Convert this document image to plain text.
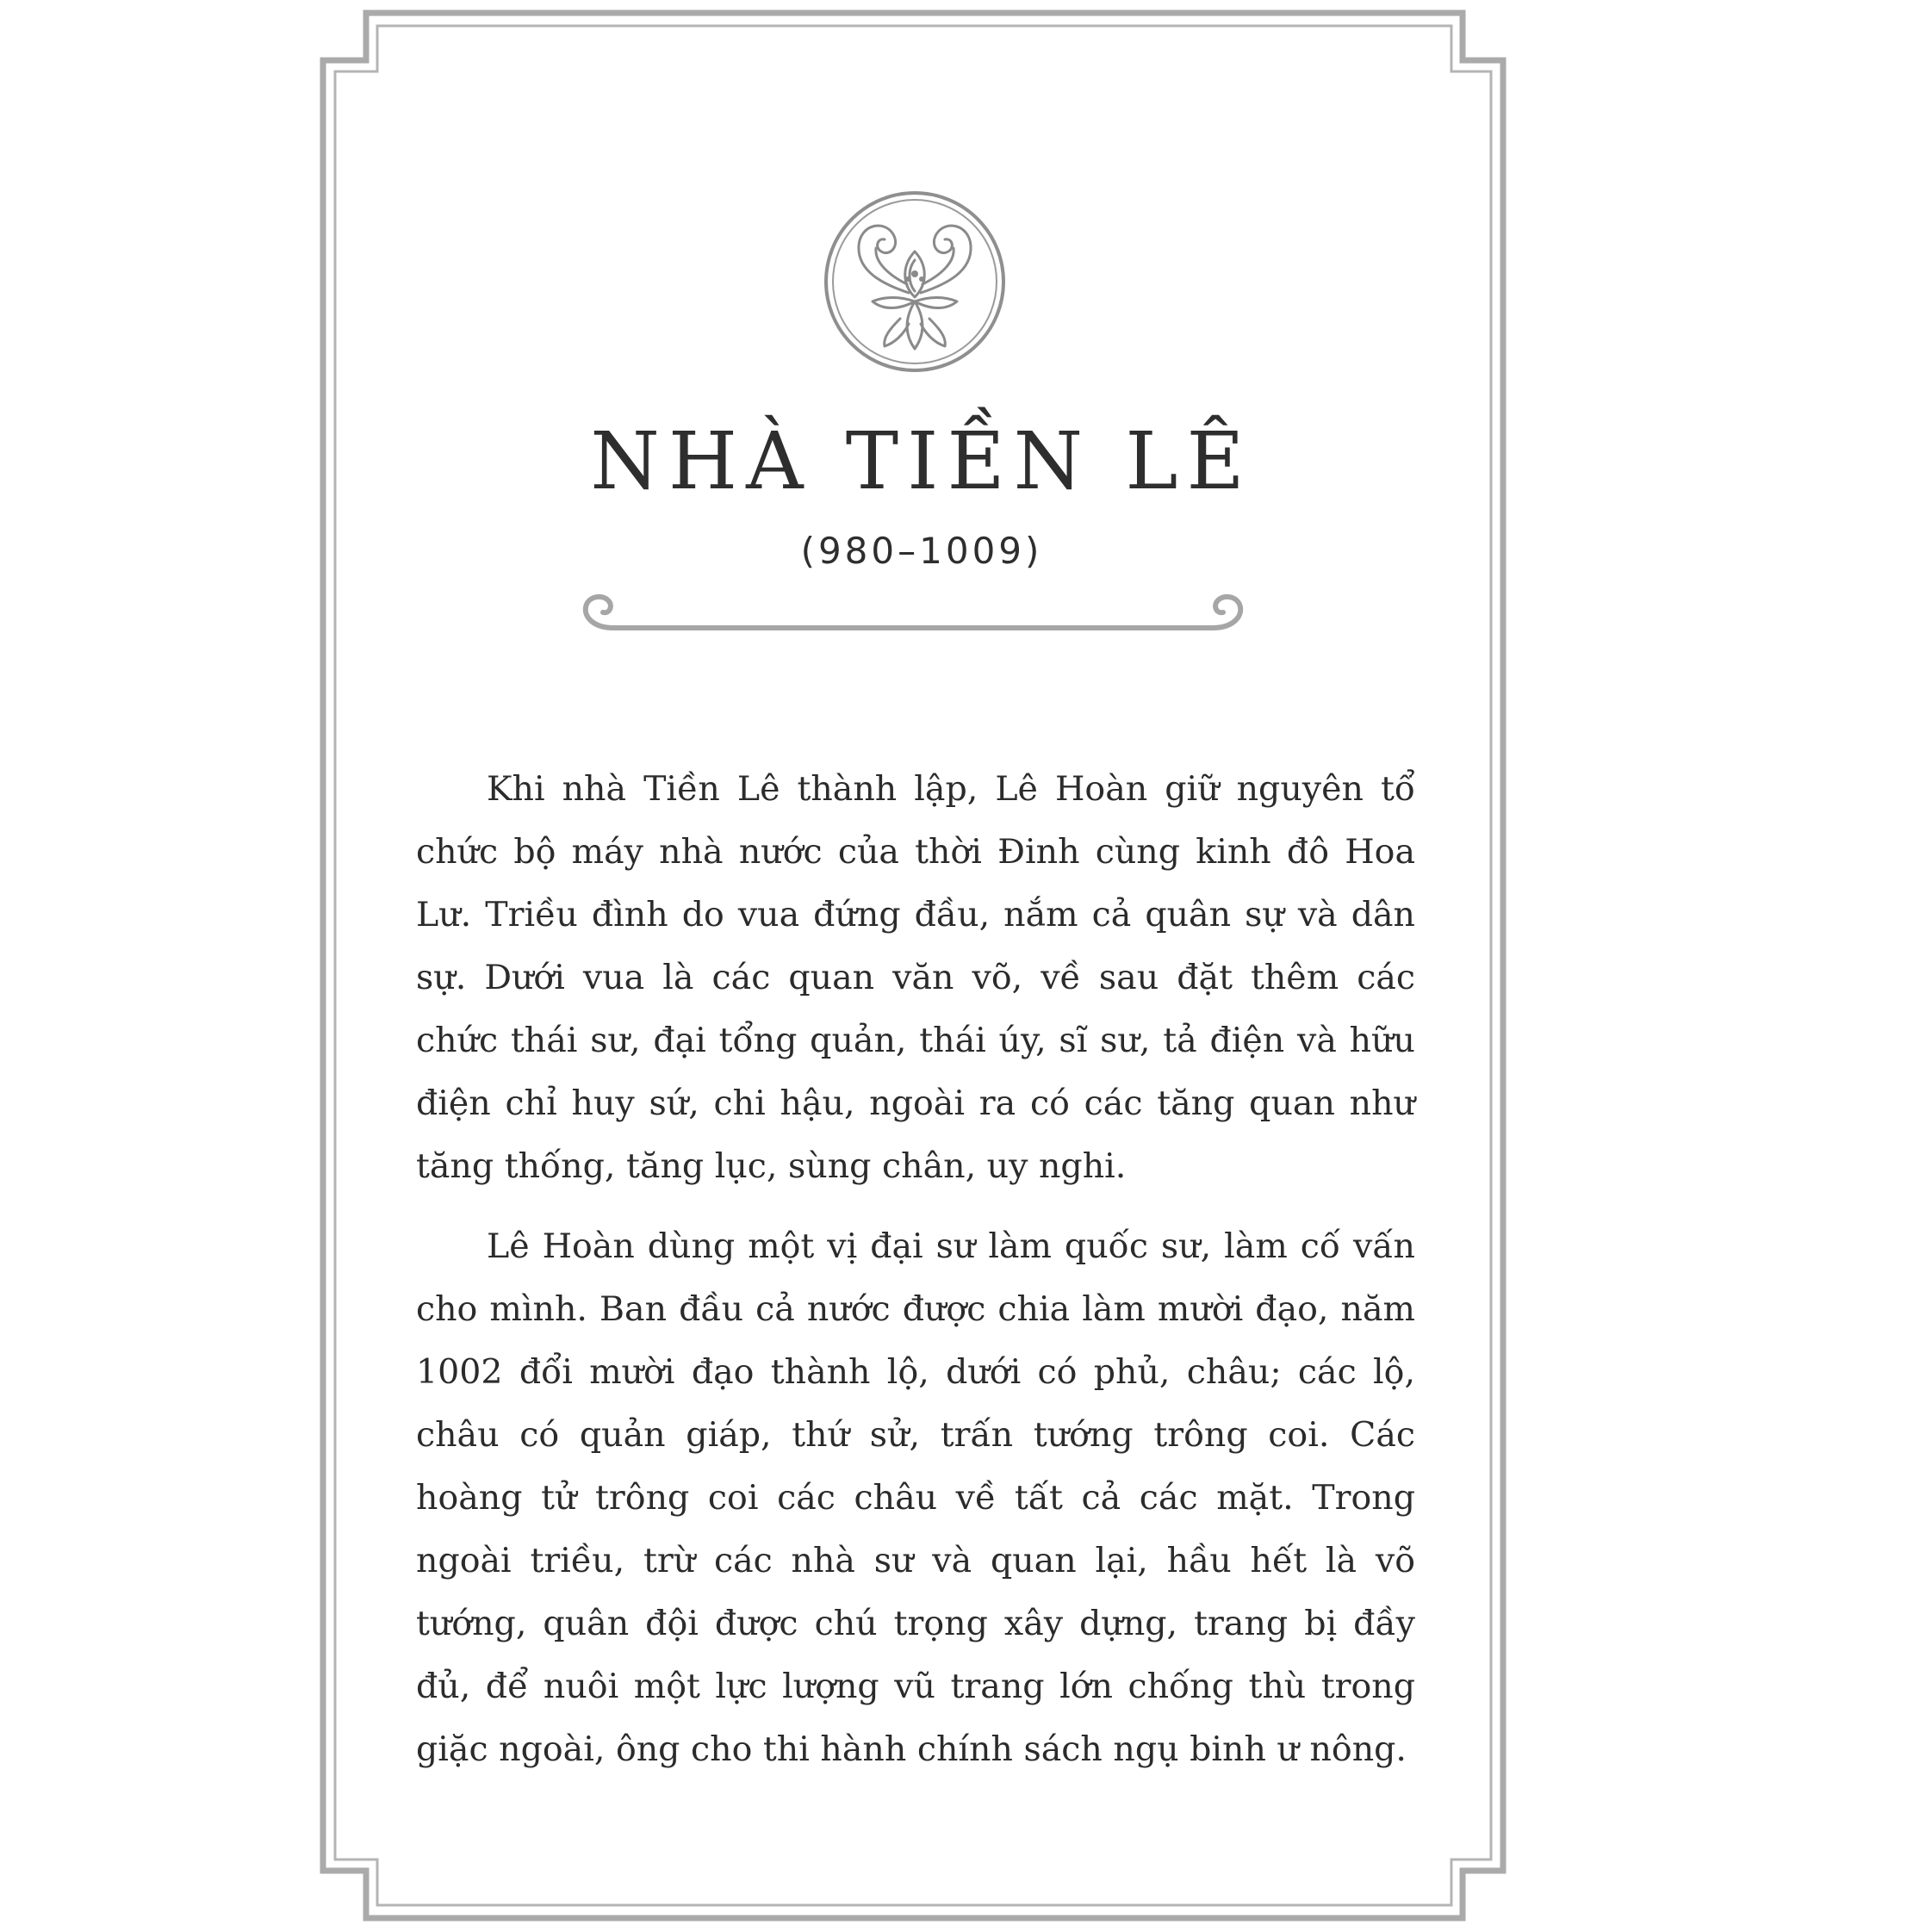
NHÀ TIỀN LÊ
(980–1009)

Khi nhà Tiền Lê thành lập, Lê Hoàn giữ nguyên tổ chức bộ máy nhà nước của thời Đinh cùng kinh đô Hoa Lư. Triều đình do vua đứng đầu, nắm cả quân sự và dân sự. Dưới vua là các quan văn võ, về sau đặt thêm các chức thái sư, đại tổng quản, thái úy, sĩ sư, tả điện và hữu điện chỉ huy sứ, chi hậu, ngoài ra có các tăng quan như tăng thống, tăng lục, sùng chân, uy nghi.

Lê Hoàn dùng một vị đại sư làm quốc sư, làm cố vấn cho mình. Ban đầu cả nước được chia làm mười đạo, năm 1002 đổi mười đạo thành lộ, dưới có phủ, châu; các lộ, châu có quản giáp, thứ sử, trấn tướng trông coi. Các hoàng tử trông coi các châu về tất cả các mặt. Trong ngoài triều, trừ các nhà sư và quan lại, hầu hết là võ tướng, quân đội được chú trọng xây dựng, trang bị đầy đủ, để nuôi một lực lượng vũ trang lớn chống thù trong giặc ngoài, ông cho thi hành chính sách ngụ binh ư nông.
